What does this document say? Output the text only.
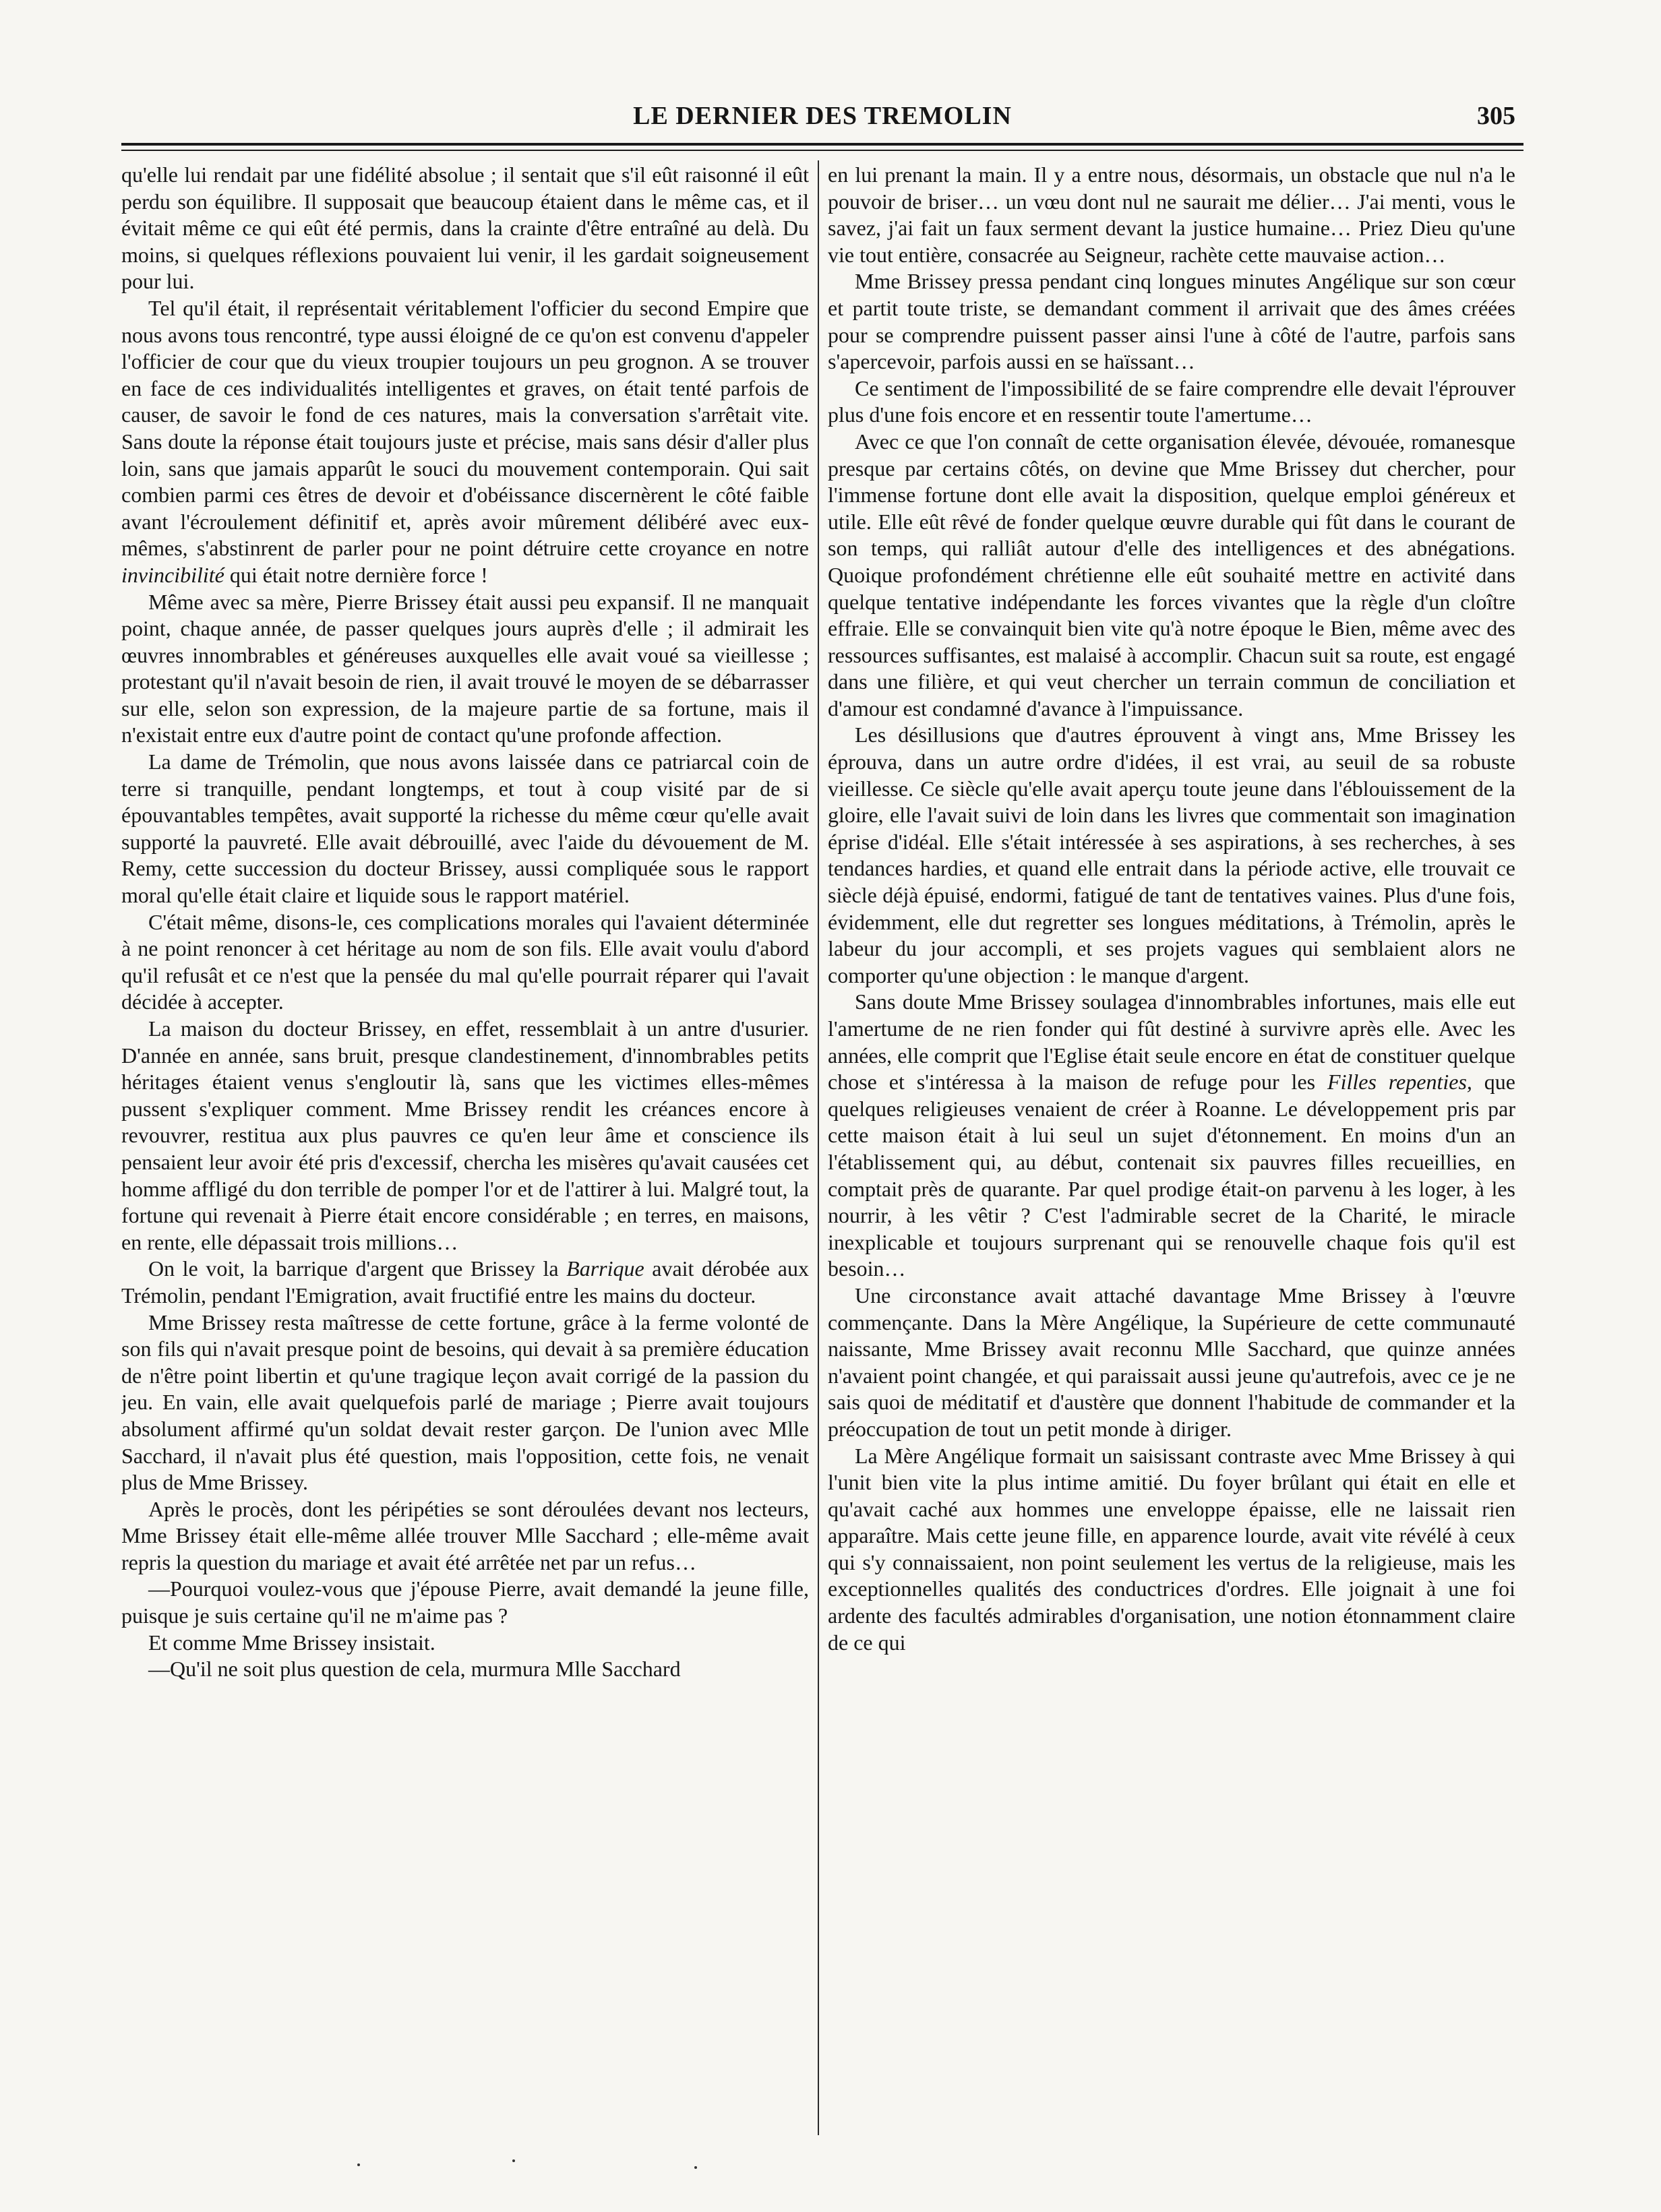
LE DERNIER DES TREMOLIN	305

qu'elle lui rendait par une fidélité absolue ; il sentait que s'il eût raisonné il eût perdu son équilibre. Il supposait que beaucoup étaient dans le même cas, et il évitait même ce qui eût été permis, dans la crainte d'être entraîné au delà. Du moins, si quelques réflexions pouvaient lui venir, il les gardait soigneusement pour lui.

Tel qu'il était, il représentait véritablement l'officier du second Empire que nous avons tous rencontré, type aussi éloigné de ce qu'on est convenu d'appeler l'officier de cour que du vieux troupier toujours un peu grognon. A se trouver en face de ces individualités intelligentes et graves, on était tenté parfois de causer, de savoir le fond de ces natures, mais la conversation s'arrêtait vite. Sans doute la réponse était toujours juste et précise, mais sans désir d'aller plus loin, sans que jamais apparût le souci du mouvement contemporain. Qui sait combien parmi ces êtres de devoir et d'obéissance discernèrent le côté faible avant l'écroulement définitif et, après avoir mûrement délibéré avec eux-mêmes, s'abstinrent de parler pour ne point détruire cette croyance en notre invincibilité qui était notre dernière force !

Même avec sa mère, Pierre Brissey était aussi peu expansif. Il ne manquait point, chaque année, de passer quelques jours auprès d'elle ; il admirait les œuvres innombrables et généreuses auxquelles elle avait voué sa vieillesse ; protestant qu'il n'avait besoin de rien, il avait trouvé le moyen de se débarrasser sur elle, selon son expression, de la majeure partie de sa fortune, mais il n'existait entre eux d'autre point de contact qu'une profonde affection.

La dame de Trémolin, que nous avons laissée dans ce patriarcal coin de terre si tranquille, pendant longtemps, et tout à coup visité par de si épouvantables tempêtes, avait supporté la richesse du même cœur qu'elle avait supporté la pauvreté. Elle avait débrouillé, avec l'aide du dévouement de M. Remy, cette succession du docteur Brissey, aussi compliquée sous le rapport moral qu'elle était claire et liquide sous le rapport matériel.

C'était même, disons-le, ces complications morales qui l'avaient déterminée à ne point renoncer à cet héritage au nom de son fils. Elle avait voulu d'abord qu'il refusât et ce n'est que la pensée du mal qu'elle pourrait réparer qui l'avait décidée à accepter.

La maison du docteur Brissey, en effet, ressemblait à un antre d'usurier. D'année en année, sans bruit, presque clandestinement, d'innombrables petits héritages étaient venus s'engloutir là, sans que les victimes elles-mêmes pussent s'expliquer comment. Mme Brissey rendit les créances encore à revouvrer, restitua aux plus pauvres ce qu'en leur âme et conscience ils pensaient leur avoir été pris d'excessif, chercha les misères qu'avait causées cet homme affligé du don terrible de pomper l'or et de l'attirer à lui. Malgré tout, la fortune qui revenait à Pierre était encore considérable ; en terres, en maisons, en rente, elle dépassait trois millions…

On le voit, la barrique d'argent que Brissey la Barrique avait dérobée aux Trémolin, pendant l'Emigration, avait fructifié entre les mains du docteur.

Mme Brissey resta maîtresse de cette fortune, grâce à la ferme volonté de son fils qui n'avait presque point de besoins, qui devait à sa première éducation de n'être point libertin et qu'une tragique leçon avait corrigé de la passion du jeu. En vain, elle avait quelquefois parlé de mariage ; Pierre avait toujours absolument affirmé qu'un soldat devait rester garçon. De l'union avec Mlle Sacchard, il n'avait plus été question, mais l'opposition, cette fois, ne venait plus de Mme Brissey.

Après le procès, dont les péripéties se sont déroulées devant nos lecteurs, Mme Brissey était elle-même allée trouver Mlle Sacchard ; elle-même avait repris la question du mariage et avait été arrêtée net par un refus…

—Pourquoi voulez-vous que j'épouse Pierre, avait demandé la jeune fille, puisque je suis certaine qu'il ne m'aime pas ?

Et comme Mme Brissey insistait.

—Qu'il ne soit plus question de cela, murmura Mlle Sacchard

en lui prenant la main. Il y a entre nous, désormais, un obstacle que nul n'a le pouvoir de briser… un vœu dont nul ne saurait me délier… J'ai menti, vous le savez, j'ai fait un faux serment devant la justice humaine… Priez Dieu qu'une vie tout entière, consacrée au Seigneur, rachète cette mauvaise action…

Mme Brissey pressa pendant cinq longues minutes Angélique sur son cœur et partit toute triste, se demandant comment il arrivait que des âmes créées pour se comprendre puissent passer ainsi l'une à côté de l'autre, parfois sans s'apercevoir, parfois aussi en se haïssant…

Ce sentiment de l'impossibilité de se faire comprendre elle devait l'éprouver plus d'une fois encore et en ressentir toute l'amertume…

Avec ce que l'on connaît de cette organisation élevée, dévouée, romanesque presque par certains côtés, on devine que Mme Brissey dut chercher, pour l'immense fortune dont elle avait la disposition, quelque emploi généreux et utile. Elle eût rêvé de fonder quelque œuvre durable qui fût dans le courant de son temps, qui ralliât autour d'elle des intelligences et des abnégations. Quoique profondément chrétienne elle eût souhaité mettre en activité dans quelque tentative indépendante les forces vivantes que la règle d'un cloître effraie. Elle se convainquit bien vite qu'à notre époque le Bien, même avec des ressources suffisantes, est malaisé à accomplir. Chacun suit sa route, est engagé dans une filière, et qui veut chercher un terrain commun de conciliation et d'amour est condamné d'avance à l'impuissance.

Les désillusions que d'autres éprouvent à vingt ans, Mme Brissey les éprouva, dans un autre ordre d'idées, il est vrai, au seuil de sa robuste vieillesse. Ce siècle qu'elle avait aperçu toute jeune dans l'éblouissement de la gloire, elle l'avait suivi de loin dans les livres que commentait son imagination éprise d'idéal. Elle s'était intéressée à ses aspirations, à ses recherches, à ses tendances hardies, et quand elle entrait dans la période active, elle trouvait ce siècle déjà épuisé, endormi, fatigué de tant de tentatives vaines. Plus d'une fois, évidemment, elle dut regretter ses longues méditations, à Trémolin, après le labeur du jour accompli, et ses projets vagues qui semblaient alors ne comporter qu'une objection : le manque d'argent.

Sans doute Mme Brissey soulagea d'innombrables infortunes, mais elle eut l'amertume de ne rien fonder qui fût destiné à survivre après elle. Avec les années, elle comprit que l'Eglise était seule encore en état de constituer quelque chose et s'intéressa à la maison de refuge pour les Filles repenties, que quelques religieuses venaient de créer à Roanne. Le développement pris par cette maison était à lui seul un sujet d'étonnement. En moins d'un an l'établissement qui, au début, contenait six pauvres filles recueillies, en comptait près de quarante. Par quel prodige était-on parvenu à les loger, à les nourrir, à les vêtir ? C'est l'admirable secret de la Charité, le miracle inexplicable et toujours surprenant qui se renouvelle chaque fois qu'il est besoin…

Une circonstance avait attaché davantage Mme Brissey à l'œuvre commençante. Dans la Mère Angélique, la Supérieure de cette communauté naissante, Mme Brissey avait reconnu Mlle Sacchard, que quinze années n'avaient point changée, et qui paraissait aussi jeune qu'autrefois, avec ce je ne sais quoi de méditatif et d'austère que donnent l'habitude de commander et la préoccupation de tout un petit monde à diriger.

La Mère Angélique formait un saisissant contraste avec Mme Brissey à qui l'unit bien vite la plus intime amitié. Du foyer brûlant qui était en elle et qu'avait caché aux hommes une enveloppe épaisse, elle ne laissait rien apparaître. Mais cette jeune fille, en apparence lourde, avait vite révélé à ceux qui s'y connaissaient, non point seulement les vertus de la religieuse, mais les exceptionnelles qualités des conductrices d'ordres. Elle joignait à une foi ardente des facultés admirables d'organisation, une notion étonnamment claire de ce qui
